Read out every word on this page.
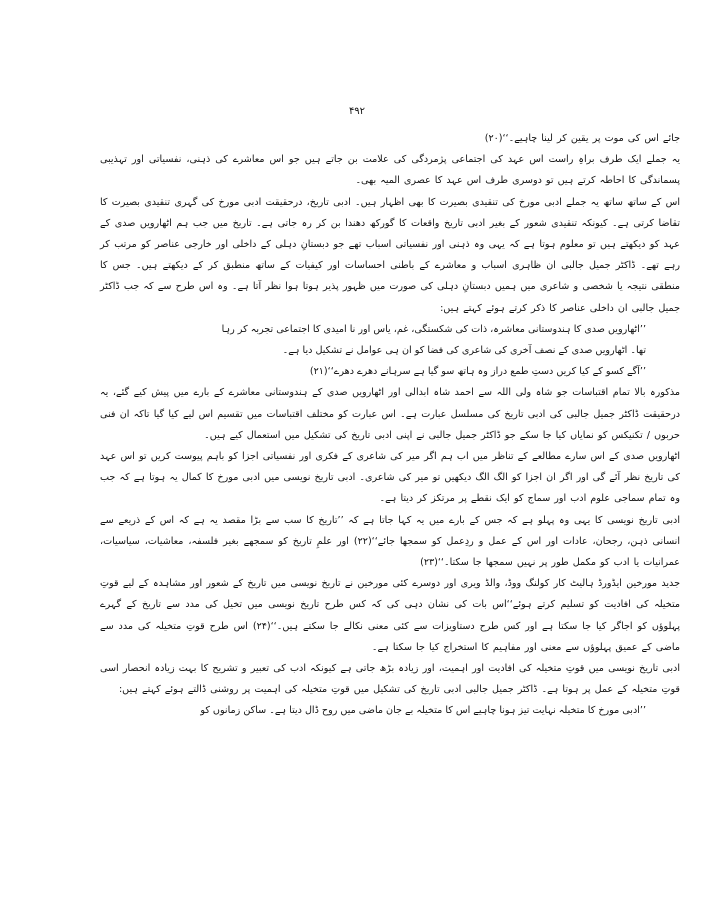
۴۹۲

جائے اس کی موت پر یقین کر لینا چاہیے۔‘‘(۲۰)

یہ جملے ایک طرف براہِ راست اس عہد کی اجتماعی پژمردگی کی علامت بن جاتے ہیں جو اس معاشرے کی ذہنی، نفسیاتی اور تہذیبی پسماندگی کا احاطہ کرتے ہیں تو دوسری طرف اس عہد کا عصری المیہ بھی۔

اس کے ساتھ ساتھ یہ جملے ادبی مورخ کی تنقیدی بصیرت کا بھی اظہار ہیں۔ ادبی تاریخ، درحقیقت ادبی مورخ کی گہری تنقیدی بصیرت کا تقاضا کرتی ہے۔ کیونکہ تنقیدی شعور کے بغیر ادبی تاریخ واقعات کا گورکھ دھندا بن کر رہ جاتی ہے۔ تاریخ میں جب ہم اٹھارویں صدی کے عہد کو دیکھتے ہیں تو معلوم ہوتا ہے کہ یہی وہ ذہنی اور نفسیاتی اسباب تھے جو دبستانِ دہلی کے داخلی اور خارجی عناصر کو مرتب کر رہے تھے۔ ڈاکٹر جمیل جالبی ان ظاہری اسباب و معاشرے کے باطنی احساسات اور کیفیات کے ساتھ منطبق کر کے دیکھتے ہیں۔ جس کا منطقی نتیجہ یا شخصی و شاعری میں ہمیں دبستانِ دہلی کی صورت میں ظہور پذیر ہوتا ہوا نظر آتا ہے۔ وہ اس طرح سے کہ جب ڈاکٹر جمیل جالبی ان داخلی عناصر کا ذکر کرتے ہوئے کہتے ہیں:

’’اٹھارویں صدی کا ہندوستانی معاشرہ، ذات کی شکستگی، غم، یاس اور نا امیدی کا اجتماعی تجربہ کر رہا

تھا۔ اٹھارویں صدی کے نصف آخری کی شاعری کی فضا کو ان ہی عوامل نے تشکیل دیا ہے۔

’’آگے کسو کے کیا کریں دستِ طمع دراز وہ ہاتھ سو گیا ہے سرہانے دھرے دھرے‘‘(۲۱)

مذکورہ بالا تمام اقتباسات جو شاہ ولی اللہ سے احمد شاہ ابدالی اور اٹھارویں صدی کے ہندوستانی معاشرے کے بارے میں پیش کیے گئے، یہ درحقیقت ڈاکٹر جمیل جالبی کی ادبی تاریخ کی مسلسل عبارت ہے۔ اس عبارت کو مختلف اقتباسات میں تقسیم اس لیے کیا گیا تاکہ ان فنی حربوں / تکنیکس کو نمایاں کیا جا سکے جو ڈاکٹر جمیل جالبی نے اپنی ادبی تاریخ کی تشکیل میں استعمال کیے ہیں۔

اٹھارویں صدی کے اس سارے مطالعے کے تناظر میں اب ہم اگر میر کی شاعری کے فکری اور نفسیاتی اجزا کو باہم پیوست کریں تو اس عہد کی تاریخ نظر آئے گی اور اگر ان اجزا کو الگ الگ دیکھیں تو میر کی شاعری۔ ادبی تاریخ نویسی میں ادبی مورخ کا کمال یہ ہوتا ہے کہ جب وہ تمام سماجی علوم ادب اور سماج کو ایک نقطے پر مرتکز کر دیتا ہے۔

ادبی تاریخ نویسی کا یہی وہ پہلو ہے کہ جس کے بارے میں یہ کہا جاتا ہے کہ ’’تاریخ کا سب سے بڑا مقصد یہ ہے کہ اس کے ذریعے سے انسانی ذہن، رجحان، عادات اور اس کے عمل و ردِعمل کو سمجھا جائے‘‘(۲۲) اور علمِ تاریخ کو سمجھے بغیر فلسفہ، معاشیات، سیاسیات، عمرانیات یا ادب کو مکمل طور پر نہیں سمجھا جا سکتا۔‘‘(۲۳)

جدید مورخین ایڈورڈ ہالیٹ کار کولنگ ووڈ، والڈ ویری اور دوسرے کئی مورخین نے تاریخ نویسی میں تاریخ کے شعور اور مشاہدہ کے لیے قوتِ متخیلہ کی افادیت کو تسلیم کرتے ہوئے‘‘اس بات کی نشان دہی کی کہ کس طرح تاریخ نویسی میں تخیل کی مدد سے تاریخ کے گہرے پہلوؤں کو اجاگر کیا جا سکتا ہے اور کس طرح دستاویزات سے کئی معنی نکالے جا سکتے ہیں۔‘‘(۲۴) اس طرح قوتِ متخیلہ کی مدد سے ماضی کے عمیق پہلوؤں سے معنی اور مفاہیم کا استخراج کیا جا سکتا ہے۔

ادبی تاریخ نویسی میں قوتِ متخیلہ کی افادیت اور اہمیت، اور زیادہ بڑھ جاتی ہے کیونکہ ادب کی تعبیر و تشریح کا بہت زیادہ انحصار اسی قوتِ متخیلہ کے عمل پر ہوتا ہے۔ ڈاکٹر جمیل جالبی ادبی تاریخ کی تشکیل میں قوتِ متخیلہ کی اہمیت پر روشنی ڈالتے ہوئے کہتے ہیں:

’’ادبی مورخ کا متخیلہ نہایت تیز ہونا چاہیے اس کا متخیلہ بے جان ماضی میں روح ڈال دیتا ہے۔ ساکن زمانوں کو
